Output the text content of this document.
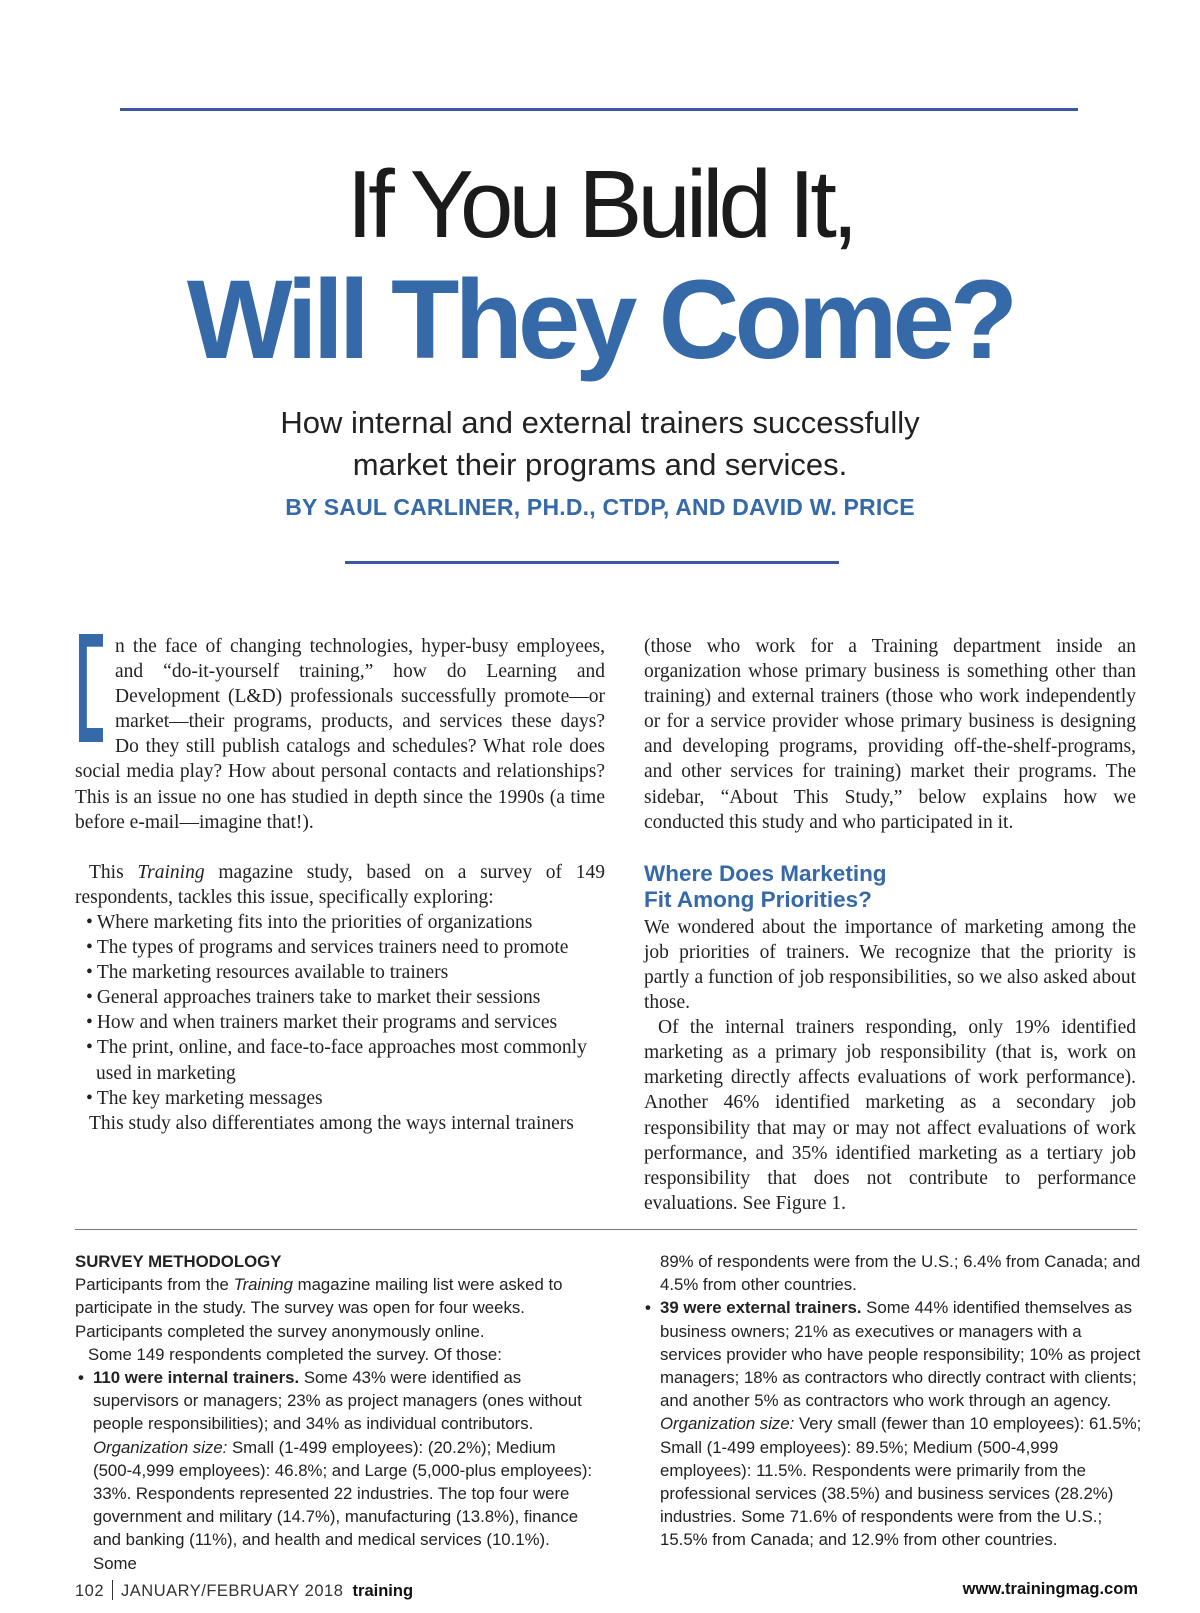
If You Build It,
Will They Come?
How internal and external trainers successfully
market their programs and services.
BY SAUL CARLINER, PH.D., CTDP, AND DAVID W. PRICE

I n the face of changing technologies, hyper-busy employees, and “do-it-yourself training,” how do Learning and Development (L&D) professionals successfully promote—or market—their programs, products, and services these days? Do they still publish catalogs and schedules? What role does social media play? How about personal contacts and relationships? This is an issue no one has studied in depth since the 1990s (a time before e-mail—imagine that!).

This Training magazine study, based on a survey of 149 respondents, tackles this issue, specifically exploring:

• Where marketing fits into the priorities of organizations
• The types of programs and services trainers need to promote
• The marketing resources available to trainers
• General approaches trainers take to market their sessions
• How and when trainers market their programs and services
• The print, online, and face-to-face approaches most commonly used in marketing
• The key marketing messages

This study also differentiates among the ways internal trainers

(those who work for a Training department inside an organization whose primary business is something other than training) and external trainers (those who work independently or for a service provider whose primary business is designing and developing programs, providing off-the-shelf-programs, and other services for training) market their programs. The sidebar, “About This Study,” below explains how we conducted this study and who participated in it.

Where Does Marketing
Fit Among Priorities?

We wondered about the importance of marketing among the job priorities of trainers. We recognize that the priority is partly a function of job responsibilities, so we also asked about those.

Of the internal trainers responding, only 19% identified marketing as a primary job responsibility (that is, work on marketing directly affects evaluations of work performance). Another 46% identified marketing as a secondary job responsibility that may or may not affect evaluations of work performance, and 35% identified marketing as a tertiary job responsibility that does not contribute to performance evaluations. See Figure 1.

SURVEY METHODOLOGY

Participants from the Training magazine mailing list were asked to participate in the study. The survey was open for four weeks. Participants completed the survey anonymously online.

Some 149 respondents completed the survey. Of those:

• 110 were internal trainers. Some 43% were identified as supervisors or managers; 23% as project managers (ones without people responsibilities); and 34% as individual contributors. Organization size: Small (1-499 employees): (20.2%); Medium (500-4,999 employees): 46.8%; and Large (5,000-plus employees): 33%. Respondents represented 22 industries. The top four were government and military (14.7%), manufacturing (13.8%), finance and banking (11%), and health and medical services (10.1%). Some

89% of respondents were from the U.S.; 6.4% from Canada; and 4.5% from other countries.

• 39 were external trainers. Some 44% identified themselves as business owners; 21% as executives or managers with a services provider who have people responsibility; 10% as project managers; 18% as contractors who directly contract with clients; and another 5% as contractors who work through an agency. Organization size: Very small (fewer than 10 employees): 61.5%; Small (1-499 employees): 89.5%; Medium (500-4,999 employees): 11.5%. Respondents were primarily from the professional services (38.5%) and business services (28.2%) industries. Some 71.6% of respondents were from the U.S.; 15.5% from Canada; and 12.9% from other countries.

102 JANUARY/FEBRUARY 2018 training	www.trainingmag.com
